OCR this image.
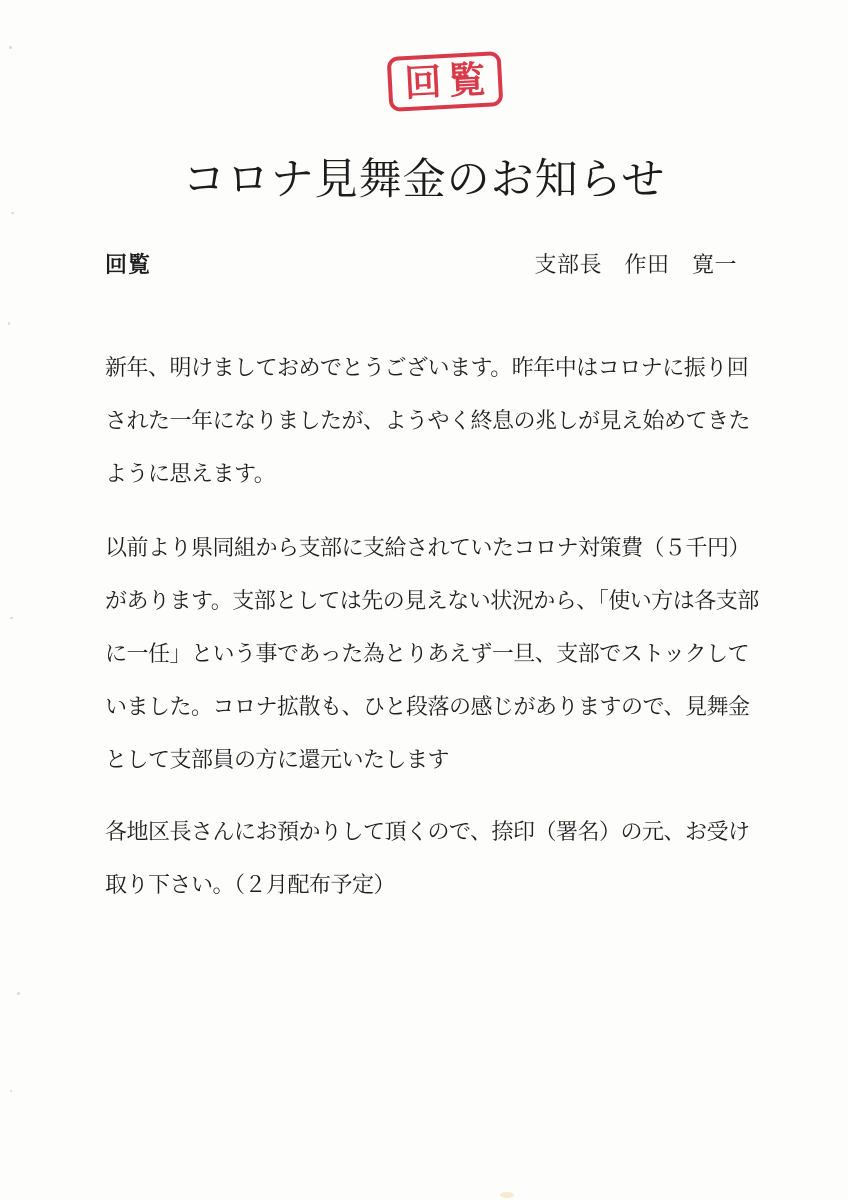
回覧
コロナ見舞金のお知らせ
回覧	支部長　作田　寛一
新年、明けましておめでとうございます。昨年中はコロナに振り回
された一年になりましたが、ようやく終息の兆しが見え始めてきた
ように思えます。
以前より県同組から支部に支給されていたコロナ対策費（５千円）
があります。支部としては先の見えない状況から、「使い方は各支部
に一任」という事であった為とりあえず一旦、支部でストックして
いました。コロナ拡散も、ひと段落の感じがありますので、見舞金
として支部員の方に還元いたします
各地区長さんにお預かりして頂くので、捺印（署名）の元、お受け
取り下さい。（２月配布予定）
